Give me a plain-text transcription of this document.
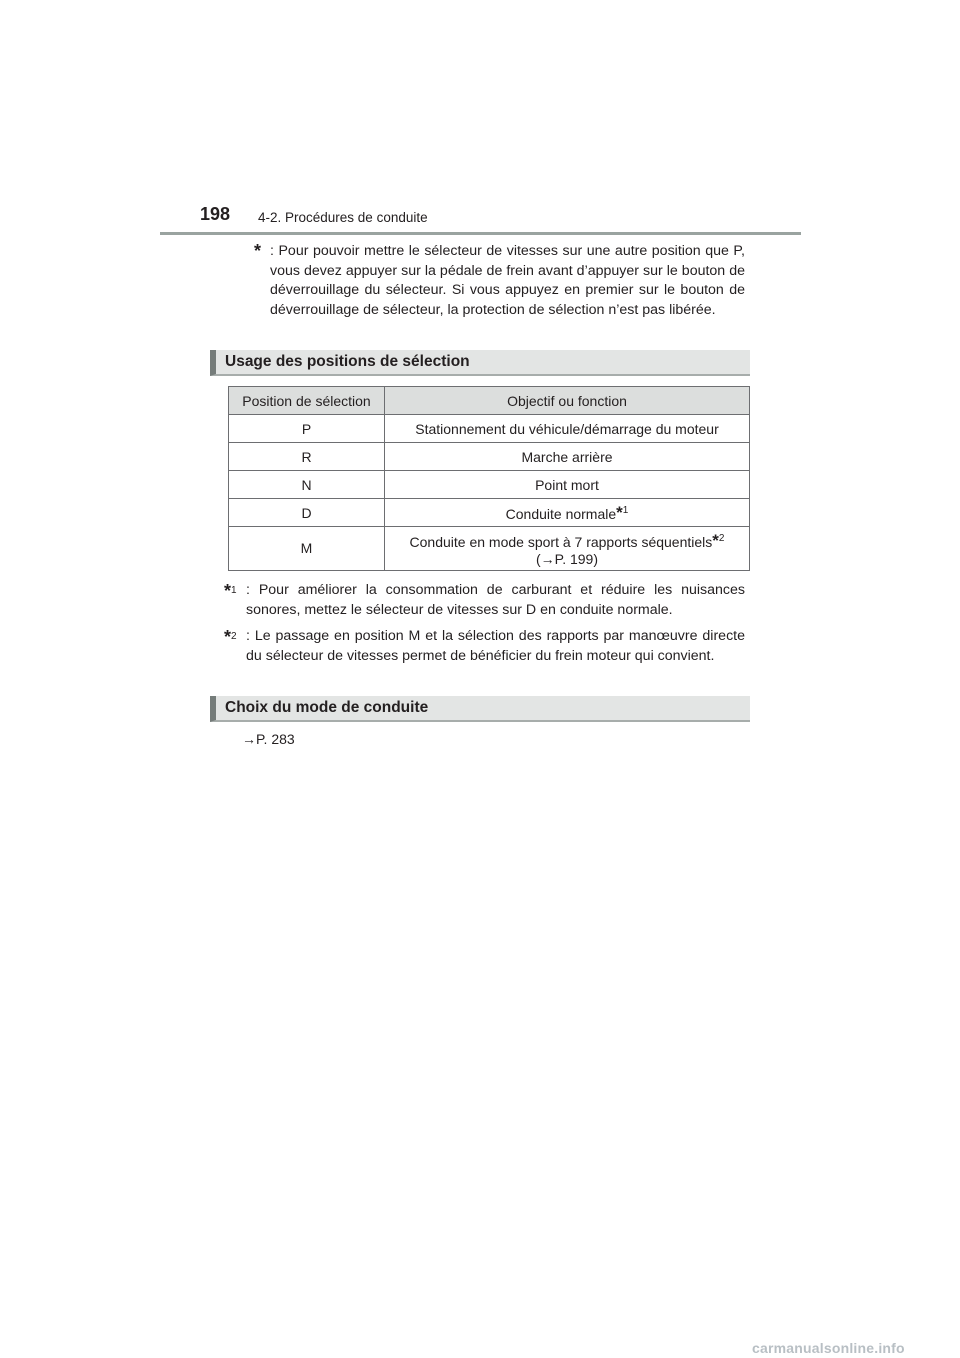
198 4-2. Procédures de conduite
* : Pour pouvoir mettre le sélecteur de vitesses sur une autre position que P, vous devez appuyer sur la pédale de frein avant d’appuyer sur le bouton de déverrouillage du sélecteur. Si vous appuyez en premier sur le bouton de déverrouillage de sélecteur, la protection de sélection n’est pas libérée.
Usage des positions de sélection
Position de sélection	Objectif ou fonction
P	Stationnement du véhicule/démarrage du moteur
R	Marche arrière
N	Point mort
D	Conduite normale*$^1$
M	Conduite en mode sport à 7 rapports séquentiels*$^2$
(→P. 199)
*$^1$ : Pour améliorer la consommation de carburant et réduire les nuisances sonores, mettez le sélecteur de vitesses sur D en conduite normale.
*$^2$ : Le passage en position M et la sélection des rapports par manœuvre directe du sélecteur de vitesses permet de bénéficier du frein moteur qui convient.
Choix du mode de conduite
→P. 283
carmanualsonline.info
